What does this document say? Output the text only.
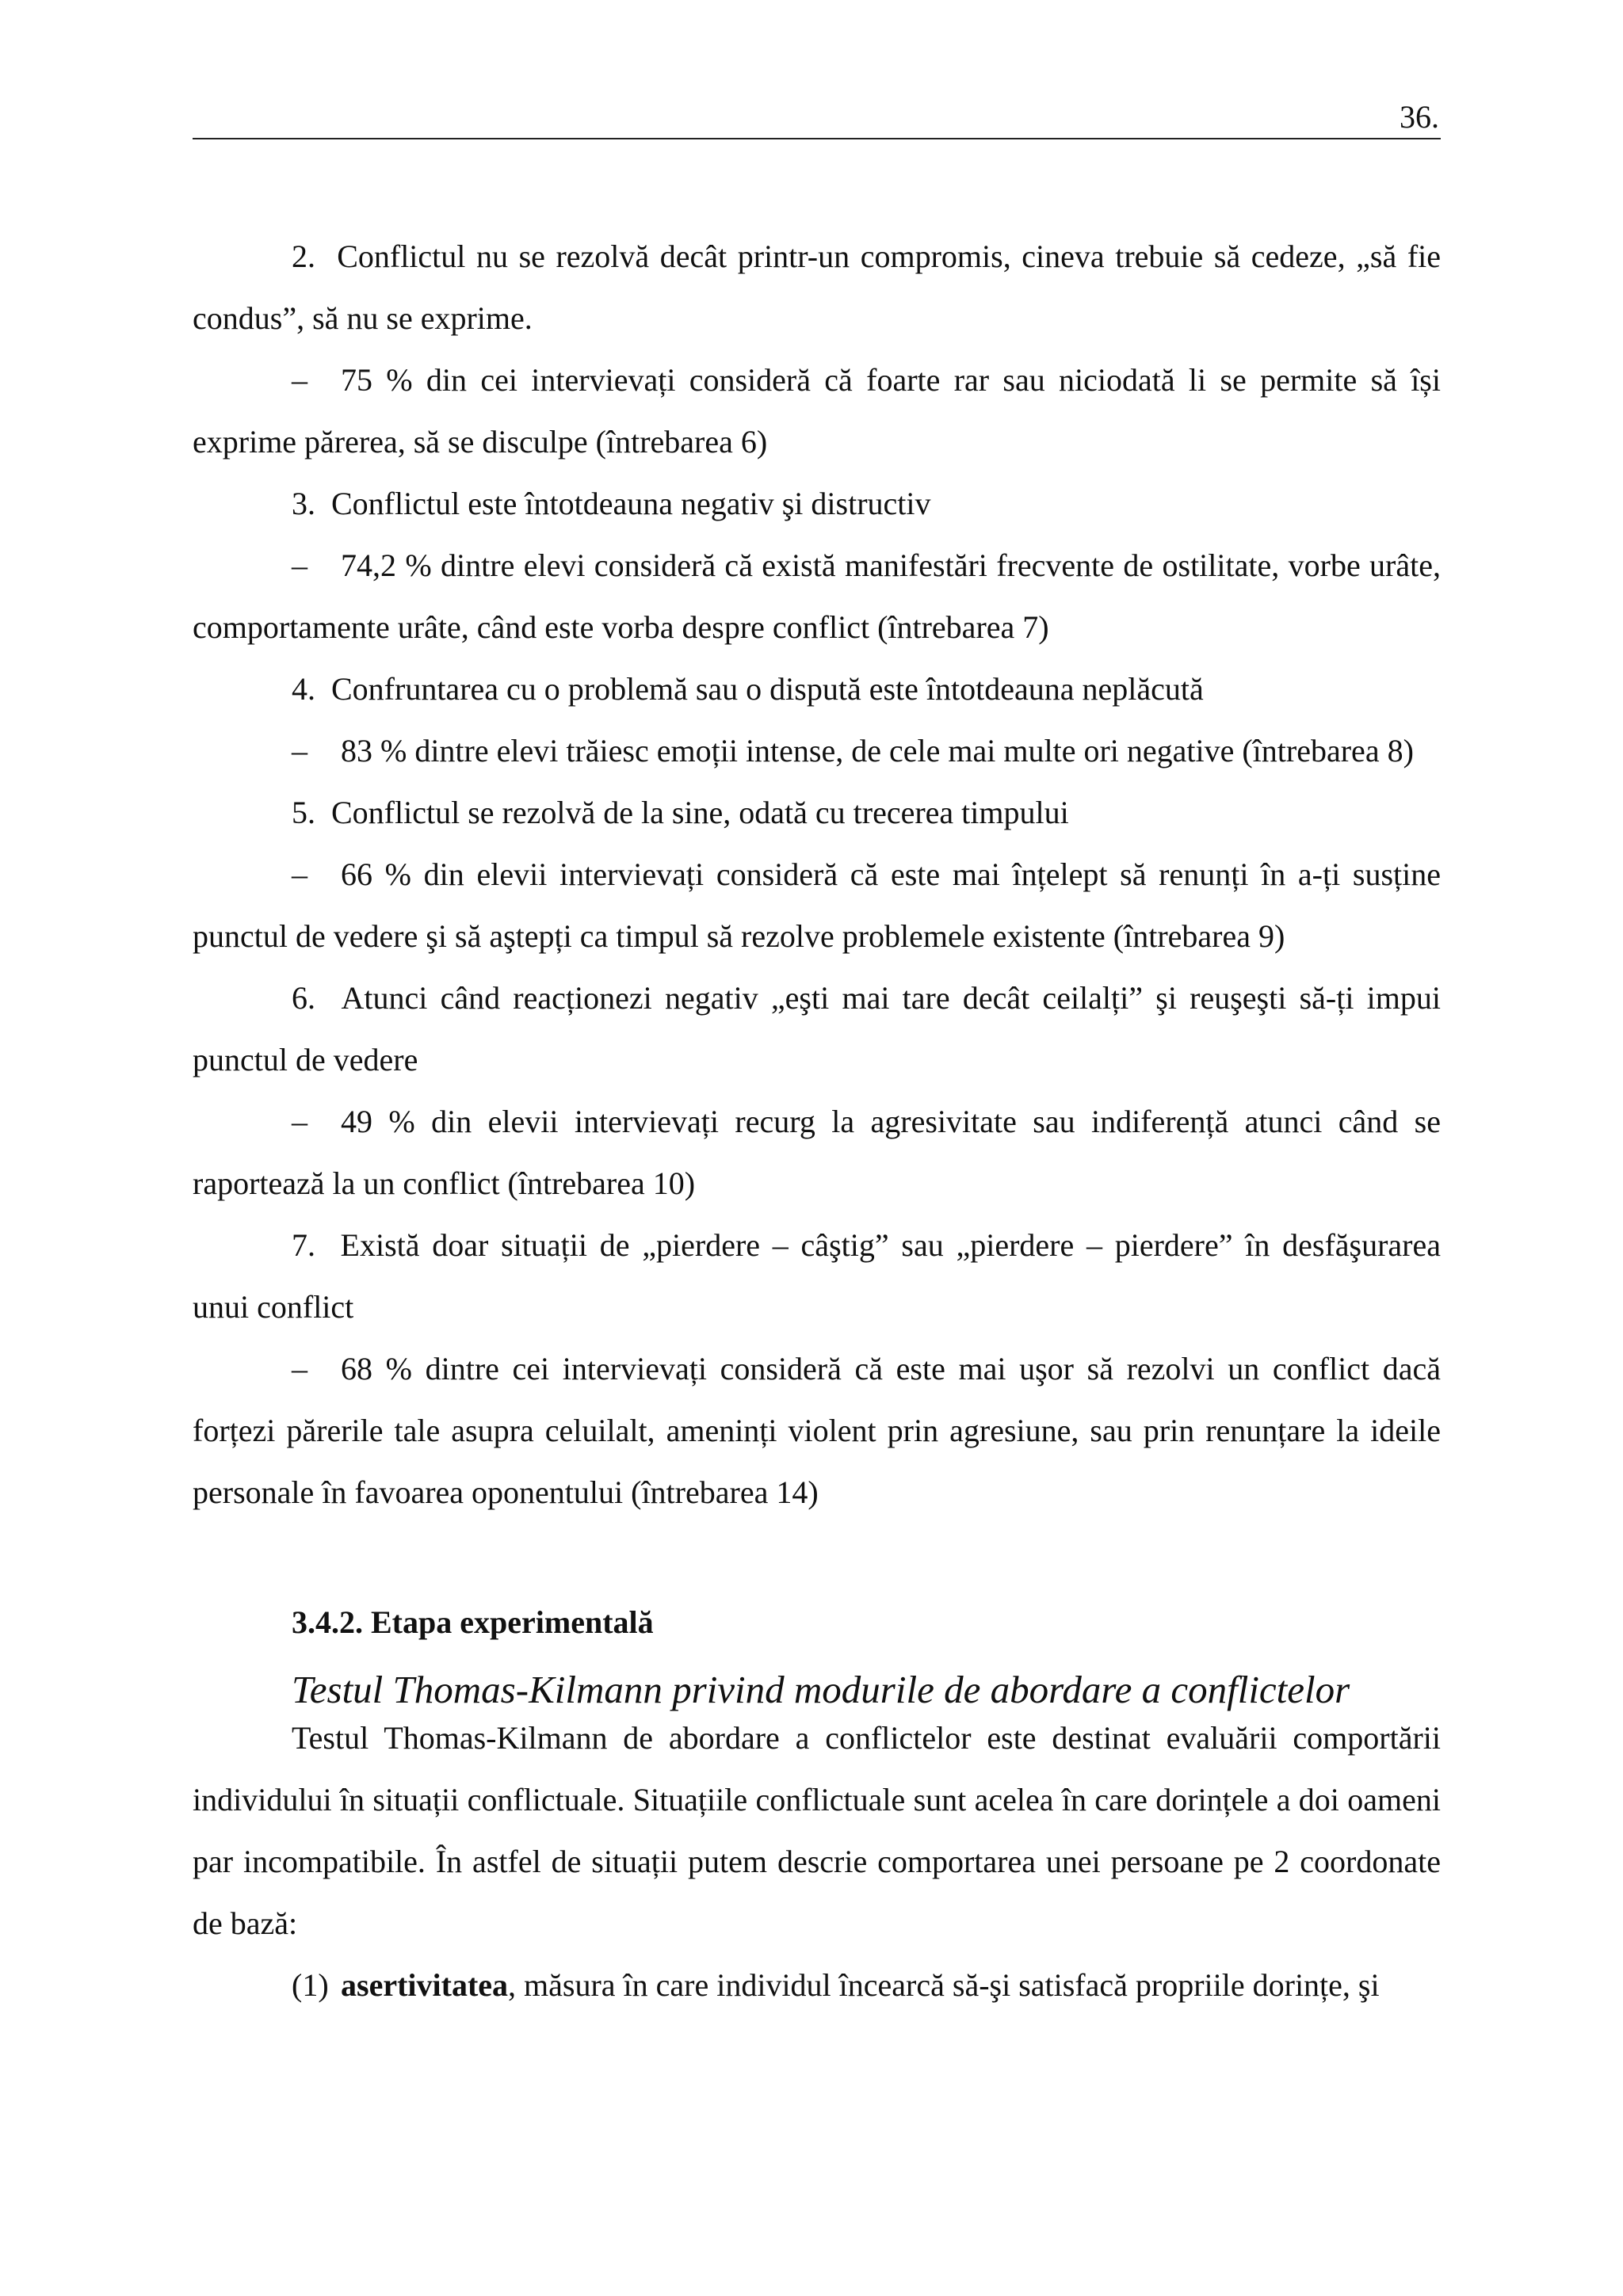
36.

2. Conflictul nu se rezolvă decât printr-un compromis, cineva trebuie să cedeze, „să fie condus”, să nu se exprime.

– 75 % din cei intervievați consideră că foarte rar sau niciodată li se permite să își exprime părerea, să se disculpe (întrebarea 6)

3. Conflictul este întotdeauna negativ şi distructiv

– 74,2 % dintre elevi consideră că există manifestări frecvente de ostilitate, vorbe urâte, comportamente urâte, când este vorba despre conflict (întrebarea 7)

4. Confruntarea cu o problemă sau o dispută este întotdeauna neplăcută

– 83 % dintre elevi trăiesc emoții intense, de cele mai multe ori negative (întrebarea 8)

5. Conflictul se rezolvă de la sine, odată cu trecerea timpului

– 66 % din elevii intervievați consideră că este mai înțelept să renunți în a-ți susține punctul de vedere şi să aştepți ca timpul să rezolve problemele existente (întrebarea 9)

6. Atunci când reacționezi negativ „eşti mai tare decât ceilalți” şi reuşeşti să-ți impui punctul de vedere

– 49 % din elevii intervievați recurg la agresivitate sau indiferență atunci când se raportează la un conflict (întrebarea 10)

7. Există doar situații de „pierdere – câştig” sau „pierdere – pierdere” în desfăşurarea unui conflict

– 68 % dintre cei intervievați consideră că este mai uşor să rezolvi un conflict dacă forțezi părerile tale asupra celuilalt, ameninți violent prin agresiune, sau prin renunțare la ideile personale în favoarea oponentului (întrebarea 14)

3.4.2. Etapa experimentală

Testul Thomas-Kilmann privind modurile de abordare a conflictelor

Testul Thomas-Kilmann de abordare a conflictelor este destinat evaluării comportării individului în situații conflictuale. Situațiile conflictuale sunt acelea în care dorințele a doi oameni par incompatibile. În astfel de situații putem descrie comportarea unei persoane pe 2 coordonate de bază:

(1) asertivitatea, măsura în care individul încearcă să-şi satisfacă propriile dorințe, şi
